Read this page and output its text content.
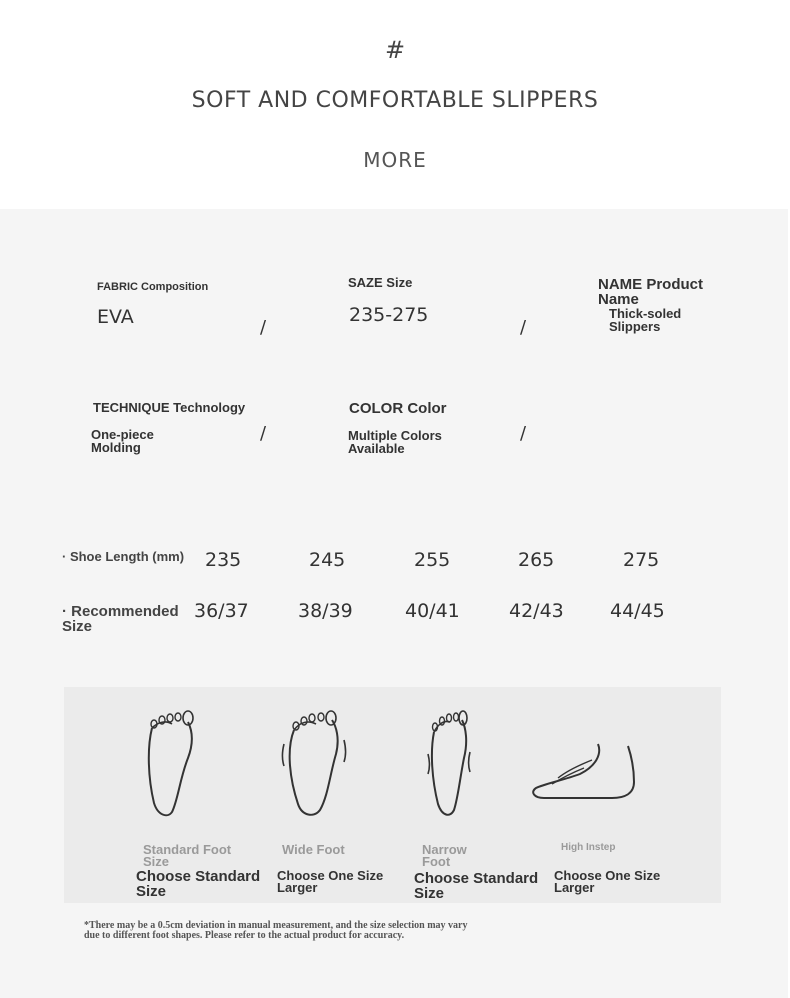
#
SOFT AND COMFORTABLE SLIPPERS
MORE
FABRIC Composition
EVA	/
SAZE Size
235-275
/
NAME Product
Name
Thick-soled
Slippers
TECHNIQUE Technology
One-piece
Molding
/
COLOR Color
Multiple Colors
Available
/
· Shoe Length (mm) 235	245	255	265	275
· Recommended
Size
36/37	38/39	40/41	42/43 44/45
Standard Foot
Size
Wide Foot	Narrow
Foot
High Instep
Choose Standard
Size
Choose One Size
Larger
Choose Standard
Size
Choose One Size
Larger
*There may be a 0.5cm deviation in manual measurement, and the size selection may vary
due to different foot shapes. Please refer to the actual product for accuracy.
